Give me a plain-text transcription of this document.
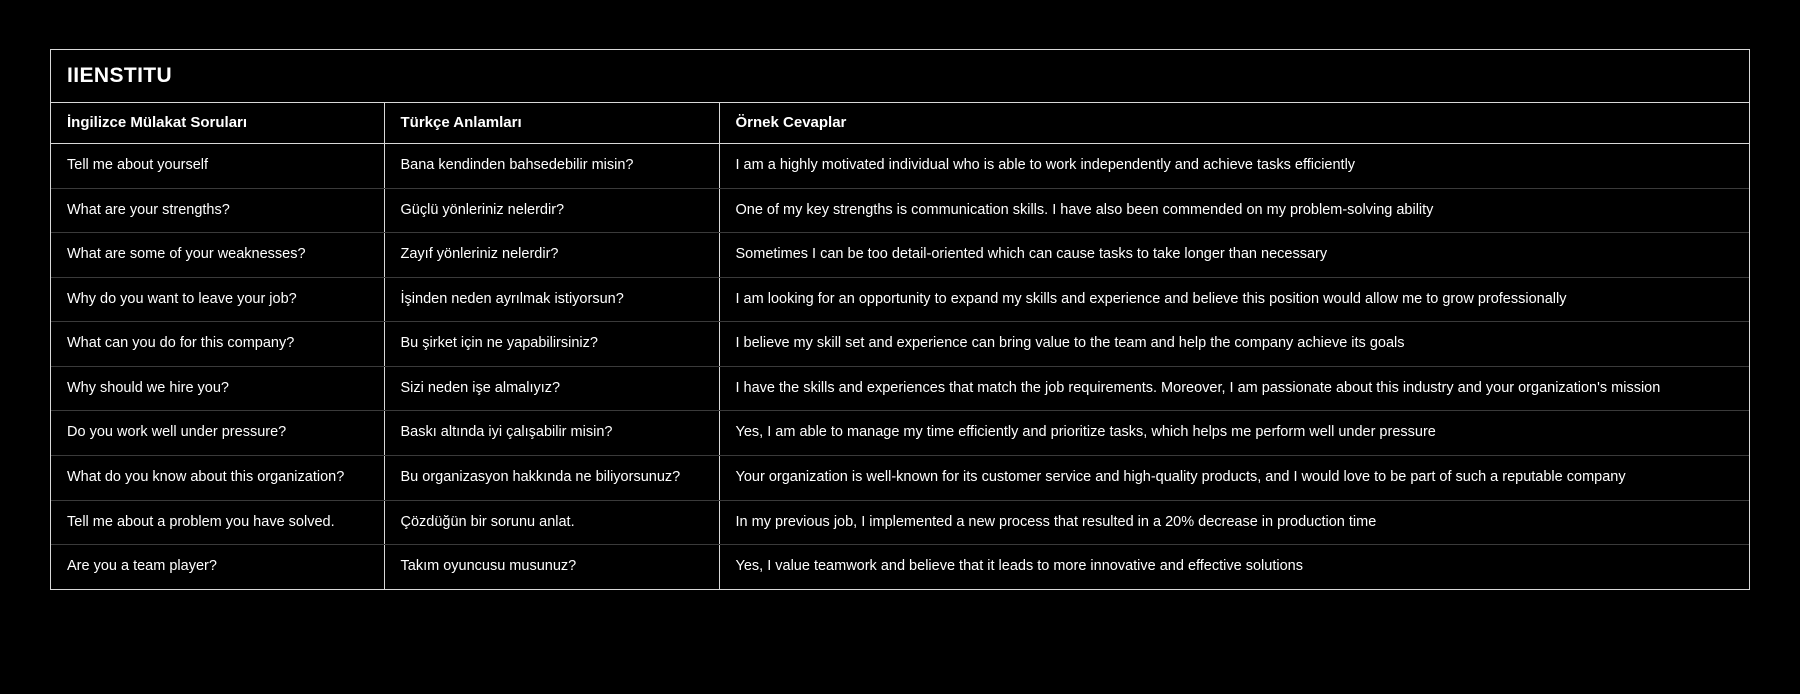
IIENSTITU
İngilizce Mülakat Soruları	Türkçe Anlamları	Örnek Cevaplar
Tell me about yourself	Bana kendinden bahsedebilir misin?	I am a highly motivated individual who is able to work independently and achieve tasks efficiently
What are your strengths?	Güçlü yönleriniz nelerdir?	One of my key strengths is communication skills. I have also been commended on my problem-solving ability
What are some of your weaknesses?	Zayıf yönleriniz nelerdir?	Sometimes I can be too detail-oriented which can cause tasks to take longer than necessary
Why do you want to leave your job?	İşinden neden ayrılmak istiyorsun?	I am looking for an opportunity to expand my skills and experience and believe this position would allow me to grow professionally
What can you do for this company?	Bu şirket için ne yapabilirsiniz?	I believe my skill set and experience can bring value to the team and help the company achieve its goals
Why should we hire you?	Sizi neden işe almalıyız?	I have the skills and experiences that match the job requirements. Moreover, I am passionate about this industry and your organization's mission
Do you work well under pressure?	Baskı altında iyi çalışabilir misin?	Yes, I am able to manage my time efficiently and prioritize tasks, which helps me perform well under pressure
What do you know about this organization?	Bu organizasyon hakkında ne biliyorsunuz?	Your organization is well-known for its customer service and high-quality products, and I would love to be part of such a reputable company
Tell me about a problem you have solved.	Çözdüğün bir sorunu anlat.	In my previous job, I implemented a new process that resulted in a 20% decrease in production time
Are you a team player?	Takım oyuncusu musunuz?	Yes, I value teamwork and believe that it leads to more innovative and effective solutions
